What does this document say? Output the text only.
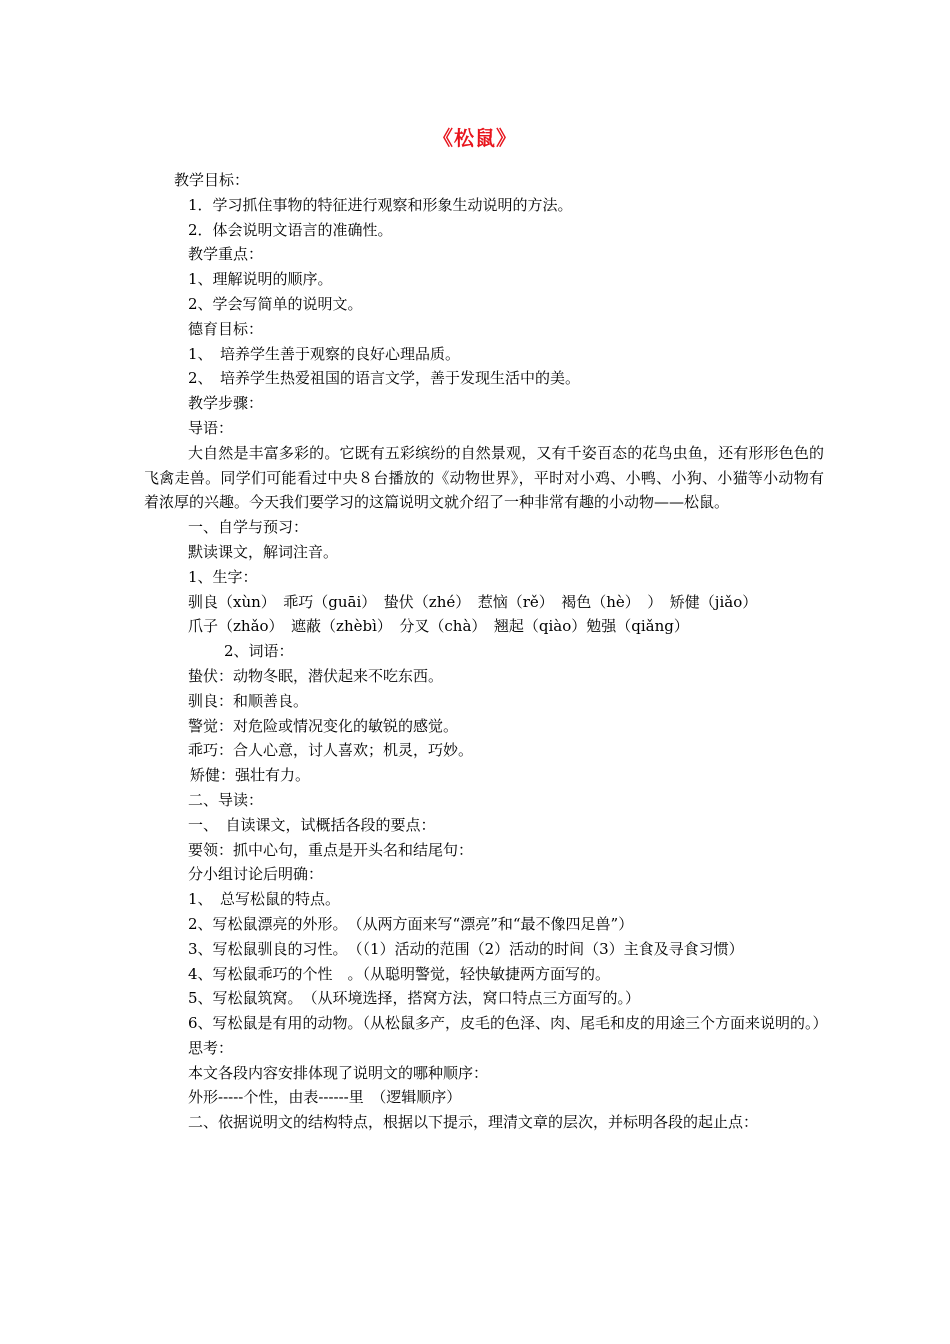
《松鼠》
教学目标：
1．学习抓住事物的特征进行观察和形象生动说明的方法。
2．体会说明文语言的准确性。
教学重点：
1、理解说明的顺序。
2、学会写简单的说明文。
德育目标：
1、　培养学生善于观察的良好心理品质。
2、　培养学生热爱祖国的语言文学，善于发现生活中的美。
教学步骤：
导语：
大自然是丰富多彩的。它既有五彩缤纷的自然景观，又有千姿百态的花鸟虫鱼，还有形形色色的飞禽走兽。同学们可能看过中央８台播放的《动物世界》，平时对小鸡、小鸭、小狗、小猫等小动物有着浓厚的兴趣。今天我们要学习的这篇说明文就介绍了一种非常有趣的小动物——松鼠。
一、自学与预习：
默读课文，解词注音。
1、生字：
驯良（xùn）　乖巧（guāi）　蛰伏（zhé）　惹恼（rě）　褐色（hè）　）　矫健（jiǎo）
爪子（zhǎo）　遮蔽（zhèbì）　分叉（chà）　翘起（qiào）勉强（qiǎng）
2、词语：
蛰伏：动物冬眠，潜伏起来不吃东西。
驯良：和顺善良。
警觉：对危险或情况变化的敏锐的感觉。
乖巧：合人心意，讨人喜欢；机灵，巧妙。
矫健：强壮有力。
二、导读：
一、　自读课文，试概括各段的要点：
要领：抓中心句，重点是开头名和结尾句：
分小组讨论后明确：
1、　总写松鼠的特点。
2、写松鼠漂亮的外形。　（从两方面来写“漂亮”和“最不像四足兽”）
3、写松鼠驯良的习性。　（（1）活动的范围（2）活动的时间（3）主食及寻食习惯）
4、写松鼠乖巧的个性　。（从聪明警觉，轻快敏捷两方面写的。
5、写松鼠筑窝。　（从环境选择，搭窝方法，窝口特点三方面写的。）
6、写松鼠是有用的动物。（从松鼠多产，皮毛的色泽、肉、尾毛和皮的用途三个方面来说明的。）
思考：
本文各段内容安排体现了说明文的哪种顺序：
外形-----个性，由表------里　（逻辑顺序）
二、依据说明文的结构特点，根据以下提示，理清文章的层次，并标明各段的起止点：
